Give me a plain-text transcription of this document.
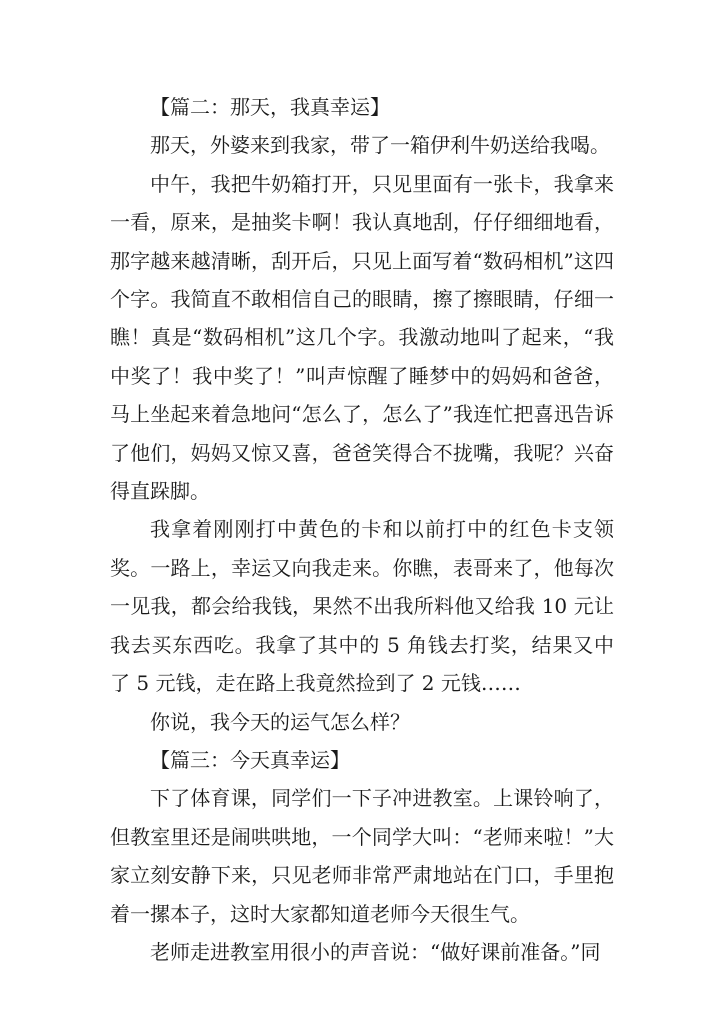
【篇二：那天，我真幸运】

那天，外婆来到我家，带了一箱伊利牛奶送给我喝。

中午，我把牛奶箱打开，只见里面有一张卡，我拿来一看，原来，是抽奖卡啊！我认真地刮，仔仔细细地看，那字越来越清晰，刮开后，只见上面写着“数码相机”这四个字。我简直不敢相信自己的眼睛，擦了擦眼睛，仔细一瞧！真是“数码相机”这几个字。我激动地叫了起来，“我中奖了！我中奖了！”叫声惊醒了睡梦中的妈妈和爸爸，马上坐起来着急地问“怎么了，怎么了”我连忙把喜迅告诉了他们，妈妈又惊又喜，爸爸笑得合不拢嘴，我呢？兴奋得直跺脚。

我拿着刚刚打中黄色的卡和以前打中的红色卡支领奖。一路上，幸运又向我走来。你瞧，表哥来了，他每次一见我，都会给我钱，果然不出我所料他又给我 10 元让我去买东西吃。我拿了其中的 5 角钱去打奖，结果又中了 5 元钱，走在路上我竟然捡到了 2 元钱……

你说，我今天的运气怎么样？

【篇三：今天真幸运】

下了体育课，同学们一下子冲进教室。上课铃响了，但教室里还是闹哄哄地，一个同学大叫：“老师来啦！”大家立刻安静下来，只见老师非常严肃地站在门口，手里抱着一摞本子，这时大家都知道老师今天很生气。

老师走进教室用很小的声音说：“做好课前准备。”同
